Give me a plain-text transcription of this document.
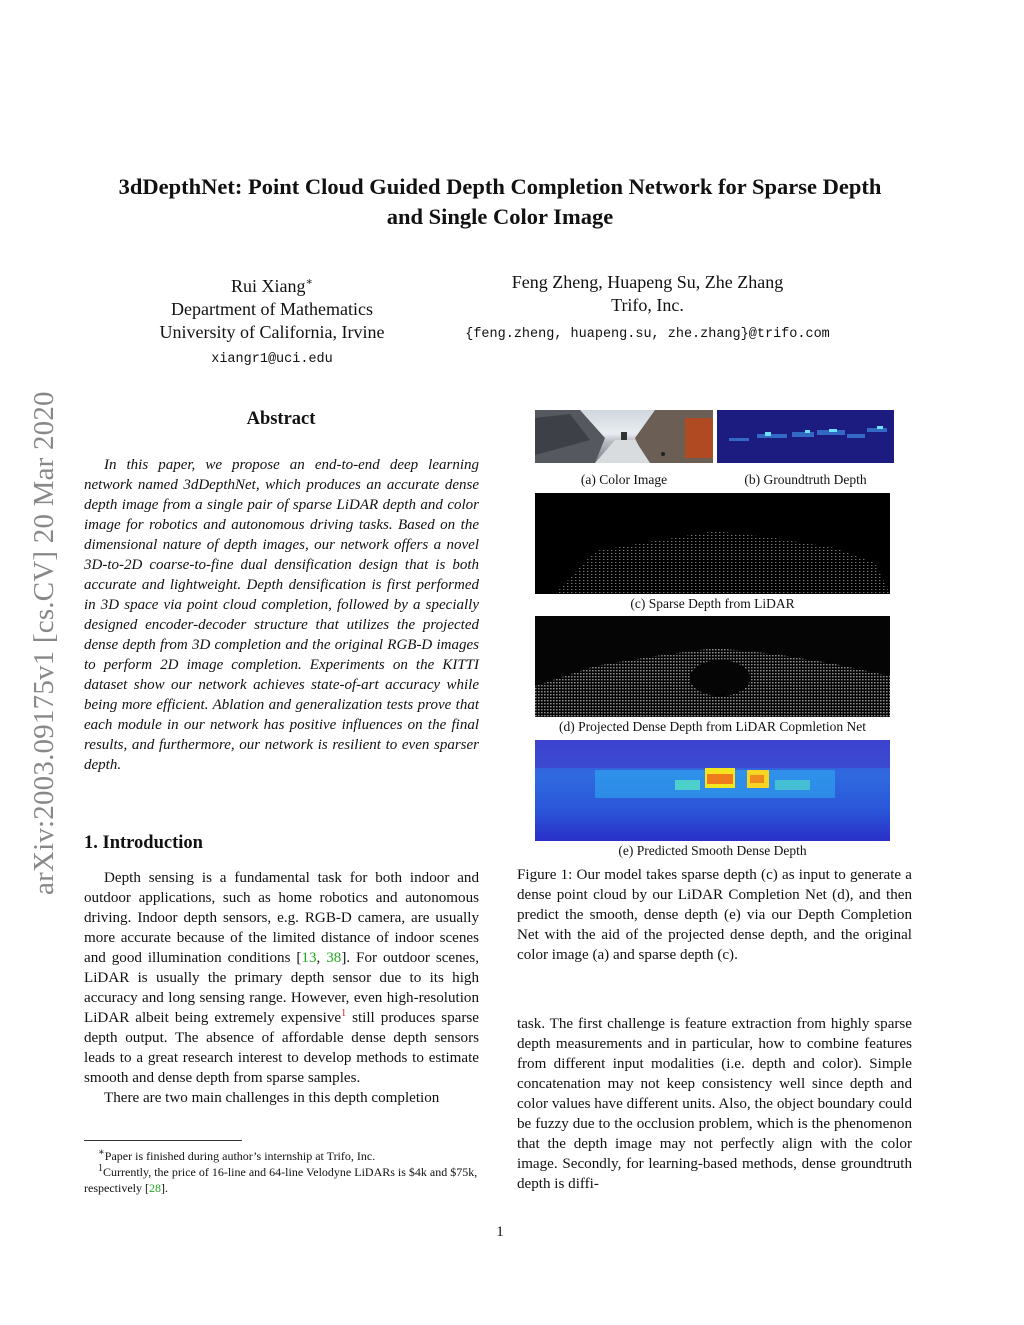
arXiv:2003.09175v1 [cs.CV] 20 Mar 2020
3dDepthNet: Point Cloud Guided Depth Completion Network for Sparse Depth
and Single Color Image
Rui Xiang∗
Department of Mathematics
University of California, Irvine
xiangr1@uci.edu
Feng Zheng, Huapeng Su, Zhe Zhang
Trifo, Inc.
{feng.zheng, huapeng.su, zhe.zhang}@trifo.com
Abstract

In this paper, we propose an end-to-end deep learning network named 3dDepthNet, which produces an accurate dense depth image from a single pair of sparse LiDAR depth and color image for robotics and autonomous driving tasks. Based on the dimensional nature of depth images, our network offers a novel 3D-to-2D coarse-to-fine dual densification design that is both accurate and lightweight. Depth densification is first performed in 3D space via point cloud completion, followed by a specially designed encoder-decoder structure that utilizes the projected dense depth from 3D completion and the original RGB-D images to perform 2D image completion. Experiments on the KITTI dataset show our network achieves state-of-art accuracy while being more efficient. Ablation and generalization tests prove that each module in our network has positive influences on the final results, and furthermore, our network is resilient to even sparser depth.

1. Introduction

Depth sensing is a fundamental task for both indoor and outdoor applications, such as home robotics and autonomous driving. Indoor depth sensors, e.g. RGB-D camera, are usually more accurate because of the limited distance of indoor scenes and good illumination conditions [13, 38]. For outdoor scenes, LiDAR is usually the primary depth sensor due to its high accuracy and long sensing range. However, even high-resolution LiDAR albeit being extremely expensive$^1$ still produces sparse depth output. The absence of affordable dense depth sensors leads to a great research interest to develop methods to estimate smooth and dense depth from sparse samples.

There are two main challenges in this depth completion

∗Paper is finished during author’s internship at Trifo, Inc.
$^1$Currently, the price of 16-line and 64-line Velodyne LiDARs is $4k and $75k, respectively [28].
(a) Color Image	(b) Groundtruth Depth
(c) Sparse Depth from LiDAR
(d) Projected Dense Depth from LiDAR Copmletion Net
(e) Predicted Smooth Dense Depth
Figure 1: Our model takes sparse depth (c) as input to generate a dense point cloud by our LiDAR Completion Net (d), and then predict the smooth, dense depth (e) via our Depth Completion Net with the aid of the projected dense depth, and the original color image (a) and sparse depth (c).

task. The first challenge is feature extraction from highly sparse depth measurements and in particular, how to combine features from different input modalities (i.e. depth and color). Simple concatenation may not keep consistency well since depth and color values have different units. Also, the object boundary could be fuzzy due to the occlusion problem, which is the phenomenon that the depth image may not perfectly align with the color image. Secondly, for learning-based methods, dense groundtruth depth is diffi-

1
